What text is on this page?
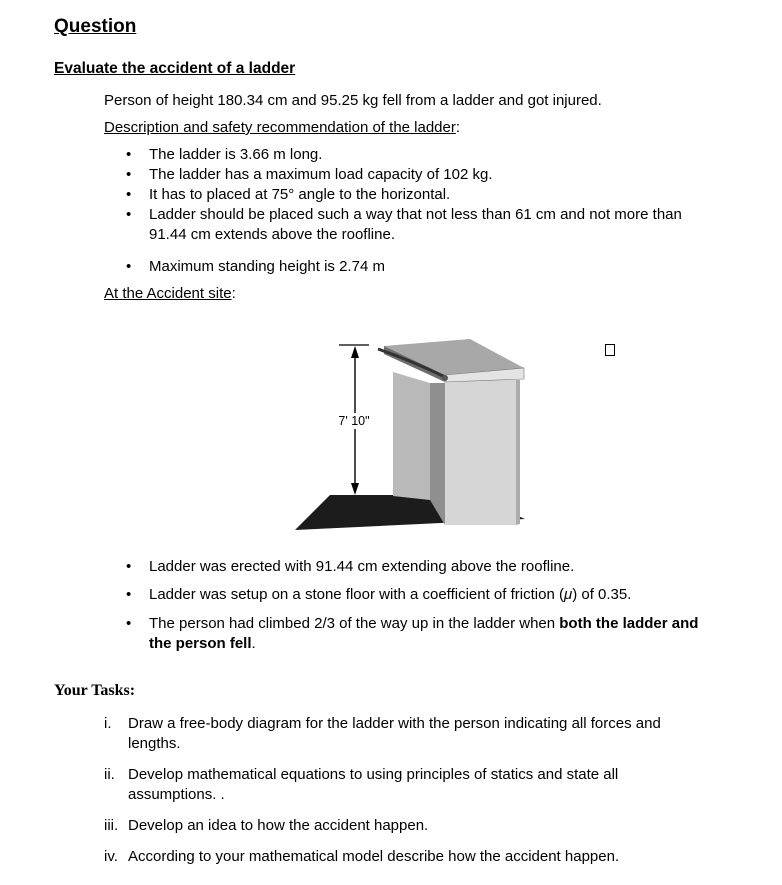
Question
Evaluate the accident of a ladder
Person of height 180.34 cm and 95.25 kg fell from a ladder and got injured.
Description and safety recommendation of the ladder:
• The ladder is 3.66 m long.
• The ladder has a maximum load capacity of 102 kg.
• It has to placed at 75° angle to the horizontal.
• Ladder should be placed such a way that not less than 61 cm and not more than
91.44 cm extends above the roofline.
• Maximum standing height is 2.74 m
At the Accident site:
7' 10"
• Ladder was erected with 91.44 cm extending above the roofline.
• Ladder was setup on a stone floor with a coefficient of friction (μ) of 0.35.
• The person had climbed 2/3 of the way up in the ladder when both the ladder and
the person fell.
Your Tasks:
i. Draw a free-body diagram for the ladder with the person indicating all forces and
lengths.
ii. Develop mathematical equations to using principles of statics and state all
assumptions. .
iii. Develop an idea to how the accident happen.
iv. According to your mathematical model describe how the accident happen.
